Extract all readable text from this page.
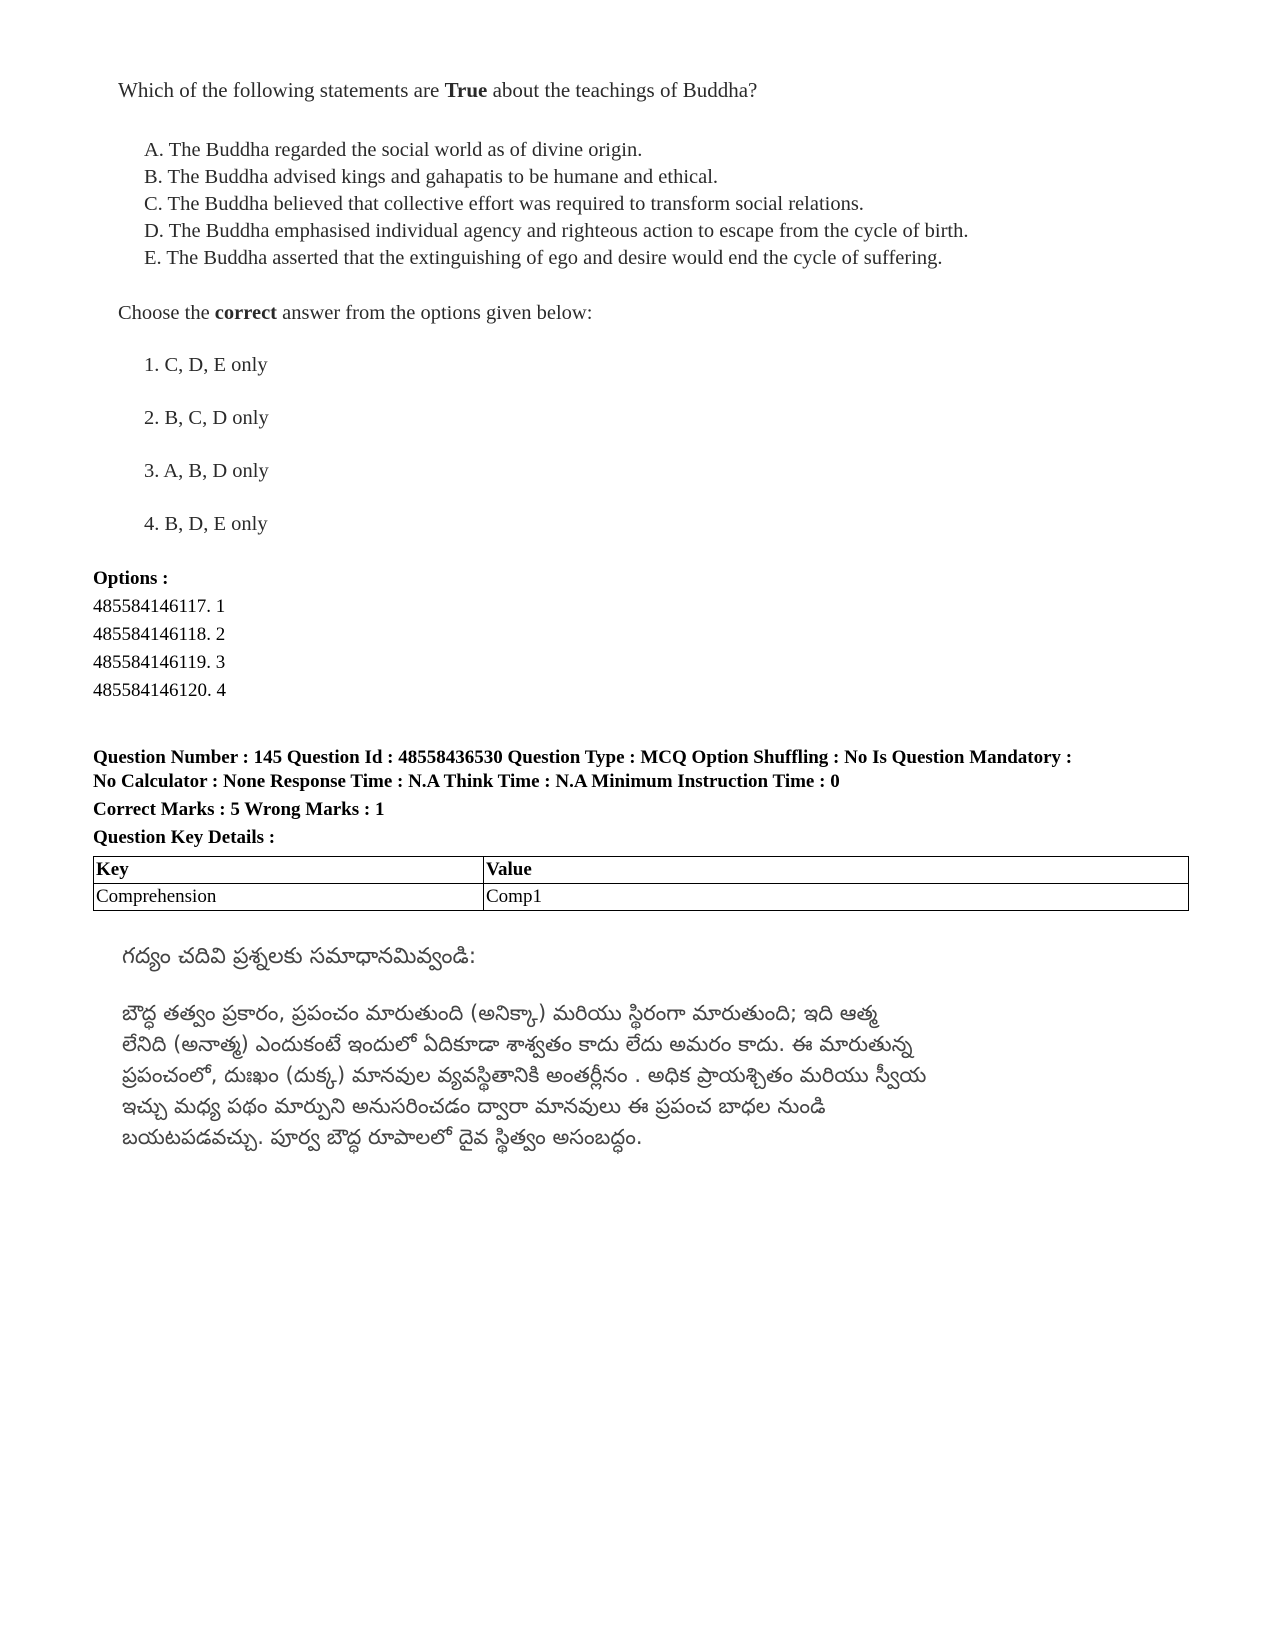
Which of the following statements are True about the teachings of Buddha?
A. The Buddha regarded the social world as of divine origin.
B. The Buddha advised kings and gahapatis to be humane and ethical.
C. The Buddha believed that collective effort was required to transform social relations.
D. The Buddha emphasised individual agency and righteous action to escape from the cycle of birth.
E. The Buddha asserted that the extinguishing of ego and desire would end the cycle of suffering.
Choose the correct answer from the options given below:
1. C, D, E only
2. B, C, D only
3. A, B, D only
4. B, D, E only
Options :
485584146117. 1
485584146118. 2
485584146119. 3
485584146120. 4
Question Number : 145 Question Id : 48558436530 Question Type : MCQ Option Shuffling : No Is Question Mandatory :
No Calculator : None Response Time : N.A Think Time : N.A Minimum Instruction Time : 0
Correct Marks : 5 Wrong Marks : 1
Question Key Details :
Key	Value
Comprehension	Comp1
గద్యం చదివి ప్రశ్నలకు సమాధానమివ్వండి:
బౌద్ధ తత్వం ప్రకారం, ప్రపంచం మారుతుంది (అనిక్కా) మరియు స్థిరంగా మారుతుంది; ఇది ఆత్మ
లేనిది (అనాత్మ) ఎందుకంటే ఇందులో ఏదికూడా శాశ్వతం కాదు లేదు అమరం కాదు. ఈ మారుతున్న
ప్రపంచంలో, దుఃఖం (దుక్క) మానవుల వ్యవస్థితానికి అంతర్లీనం . అధిక ప్రాయశ్చితం మరియు స్వీయ
ఇచ్చు మధ్య పథం మార్పుని అనుసరించడం ద్వారా మానవులు ఈ ప్రపంచ బాధల నుండి
బయటపడవచ్చు. పూర్వ బౌద్ధ రూపాలలో దైవ స్థిత్వం అసంబద్ధం.
